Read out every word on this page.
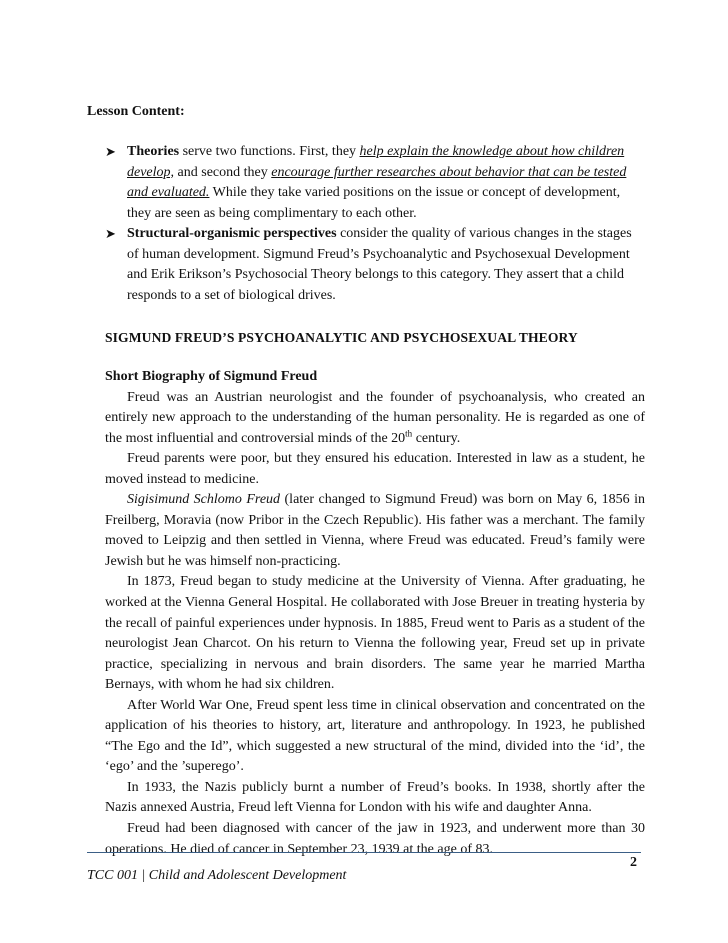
Lesson Content:
➤ Theories serve two functions. First, they help explain the knowledge about how children develop, and second they encourage further researches about behavior that can be tested and evaluated. While they take varied positions on the issue or concept of development, they are seen as being complimentary to each other.
➤ Structural-organismic perspectives consider the quality of various changes in the stages of human development. Sigmund Freud’s Psychoanalytic and Psychosexual Development and Erik Erikson’s Psychosocial Theory belongs to this category. They assert that a child responds to a set of biological drives.
SIGMUND FREUD’S PSYCHOANALYTIC AND PSYCHOSEXUAL THEORY
Short Biography of Sigmund Freud

Freud was an Austrian neurologist and the founder of psychoanalysis, who created an entirely new approach to the understanding of the human personality. He is regarded as one of the most influential and controversial minds of the 20th century.

Freud parents were poor, but they ensured his education. Interested in law as a student, he moved instead to medicine.

Sigisimund Schlomo Freud (later changed to Sigmund Freud) was born on May 6, 1856 in Freilberg, Moravia (now Pribor in the Czech Republic). His father was a merchant. The family moved to Leipzig and then settled in Vienna, where Freud was educated. Freud’s family were Jewish but he was himself non-practicing.

In 1873, Freud began to study medicine at the University of Vienna. After graduating, he worked at the Vienna General Hospital. He collaborated with Jose Breuer in treating hysteria by the recall of painful experiences under hypnosis. In 1885, Freud went to Paris as a student of the neurologist Jean Charcot. On his return to Vienna the following year, Freud set up in private practice, specializing in nervous and brain disorders. The same year he married Martha Bernays, with whom he had six children.

After World War One, Freud spent less time in clinical observation and concentrated on the application of his theories to history, art, literature and anthropology. In 1923, he published “The Ego and the Id”, which suggested a new structural of the mind, divided into the ‘id’, the ‘ego’ and the ’superego’.

In 1933, the Nazis publicly burnt a number of Freud’s books. In 1938, shortly after the Nazis annexed Austria, Freud left Vienna for London with his wife and daughter Anna.

Freud had been diagnosed with cancer of the jaw in 1923, and underwent more than 30 operations. He died of cancer in September 23, 1939 at the age of 83.

2
TCC 001 | Child and Adolescent Development
